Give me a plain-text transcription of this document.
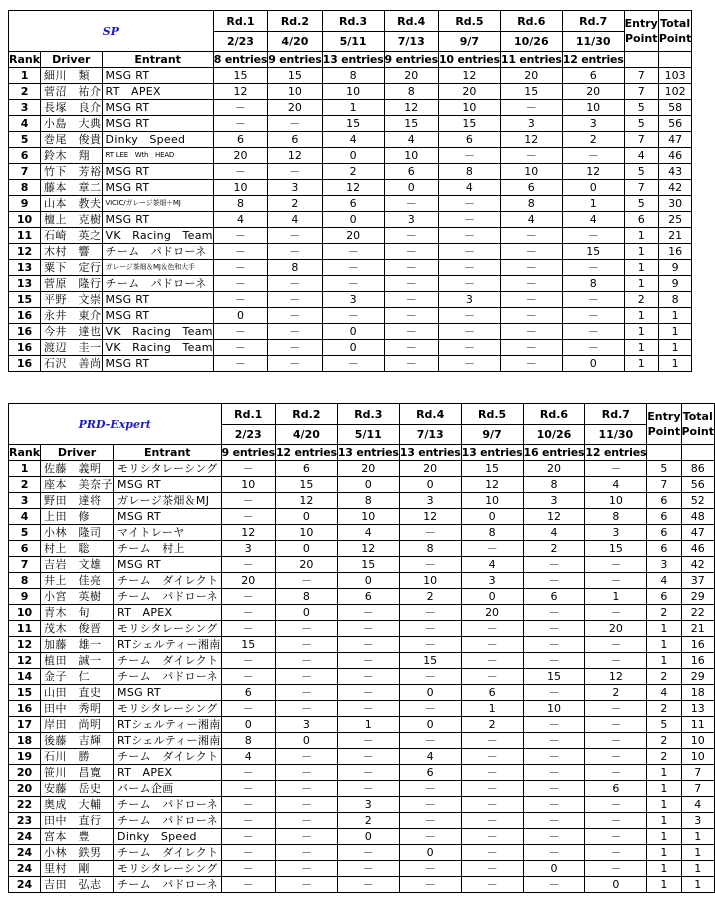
SP			Rd.1	Rd.2	Rd.3	Rd.4	Rd.5	Rd.6	Rd.7	Entry Point	Total Point
			2/23	4/20	5/11	7/13	9/7	10/26	11/30		
			8 entries	9 entries	13 entries	9 entries	10 entries	11 entries	12 entries		
Rank	Driver	Entrant									
1	細川　類	MSG RT	15	15	8	20	12	20	6	7	103
2	菅沼　祐介	RT　APEX	12	10	10	8	20	15	20	7	102
3	長塚　良介	MSG RT	－	20	1	12	10	－	10	5	58
4	小島　大典	MSG RT	－	－	15	15	15	3	3	5	56
5	巻尾　俊貴	Dinky　Speed	6	6	4	4	6	12	2	7	47
6	鈴木　翔	RT LEE　Wth　HEAD	20	12	0	10	－	－	－	4	46
7	竹下　芳裕	MSG RT	－	－	2	6	8	10	12	5	43
8	藤本　章二	MSG RT	10	3	12	0	4	6	0	7	42
9	山本　教夫	VICIC/ガレージ茶畑＋MJ	8	2	6	－	－	8	1	5	30
10	檀上　克樹	MSG RT	4	4	0	3	－	4	4	6	25
11	石崎　英之	VK　Racing　Team	－	－	20	－	－	－	－	1	21
12	木村　響	チーム　パドローネ	－	－	－	－	－	－	15	1	16
13	粟下　定行	ガレージ茶畑＆MJ＆色和大手	－	8	－	－	－	－	－	1	9
13	菅原　隆行	チーム　パドローネ	－	－	－	－	－	－	8	1	9
15	平野　文崇	MSG RT	－	－	3	－	3	－	－	2	8
16	永井　東介	MSG RT	0	－	－	－	－	－	－	1	1
16	今井　達也	VK　Racing　Team	－	－	0	－	－	－	－	1	1
16	渡辺　圭一	VK　Racing　Team	－	－	0	－	－	－	－	1	1
16	石沢　善尚	MSG RT	－	－	－	－	－	－	0	1	1
PRD-Expert			Rd.1	Rd.2	Rd.3	Rd.4	Rd.5	Rd.6	Rd.7	Entry Point	Total Point
			2/23	4/20	5/11	7/13	9/7	10/26	11/30		
			9 entries	12 entries	13 entries	13 entries	13 entries	16 entries	12 entries		
Rank	Driver	Entrant									
1	佐藤　義明	モリシタレーシング	－	6	20	20	15	20	－	5	86
2	座本　美奈子	MSG RT	10	15	0	0	12	8	4	7	56
3	野田　達将	ガレージ茶畑＆MJ	－	12	8	3	10	3	10	6	52
4	上田　修	MSG RT	－	0	10	12	0	12	8	6	48
5	小林　隆司	マイトレーヤ	12	10	4	－	8	4	3	6	47
6	村上　聡	チーム　村上	3	0	12	8	－	2	15	6	46
7	吉岩　文雄	MSG RT	－	20	15	－	4	－	－	3	42
8	井上　佳亮	チーム　ダイレクト	20	－	0	10	3	－	－	4	37
9	小宮　英樹	チーム　パドローネ	－	8	6	2	0	6	1	6	29
10	青木　旬	RT　APEX	－	0	－	－	20	－	－	2	22
11	茂木　俊晋	モリシタレーシング	－	－	－	－	－	－	20	1	21
12	加藤　雄一	RTシェルティー湘南	15	－	－	－	－	－	－	1	16
12	植田　誠一	チーム　ダイレクト	－	－	－	15	－	－	－	1	16
14	金子　仁	チーム　パドローネ	－	－	－	－	－	15	12	2	29
15	山田　直史	MSG RT	6	－	－	0	6	－	2	4	18
16	田中　秀明	モリシタレーシング	－	－	－	－	1	10	－	2	13
17	岸田　尚明	RTシェルティー湘南	0	3	1	0	2	－	－	5	11
18	後藤　吉輝	RTシェルティー湘南	8	0	－	－	－	－	－	2	10
19	石川　勝	チーム　ダイレクト	4	－	－	4	－	－	－	2	10
20	笹川　昌寛	RT　APEX	－	－	－	6	－	－	－	1	7
20	安藤　岳史	バーム企画	－	－	－	－	－	－	6	1	7
22	奥成　大輔	チーム　パドローネ	－	－	3	－	－	－	－	1	4
23	田中　直行	チーム　パドローネ	－	－	2	－	－	－	－	1	3
24	宮本　豊	Dinky　Speed	－	－	0	－	－	－	－	1	1
24	小林　鉄男	チーム　ダイレクト	－	－	－	0	－	－	－	1	1
24	里村　剛	モリシタレーシング	－	－	－	－	－	0	－	1	1
24	吉田　弘志	チーム　パドローネ	－	－	－	－	－	－	0	1	1
